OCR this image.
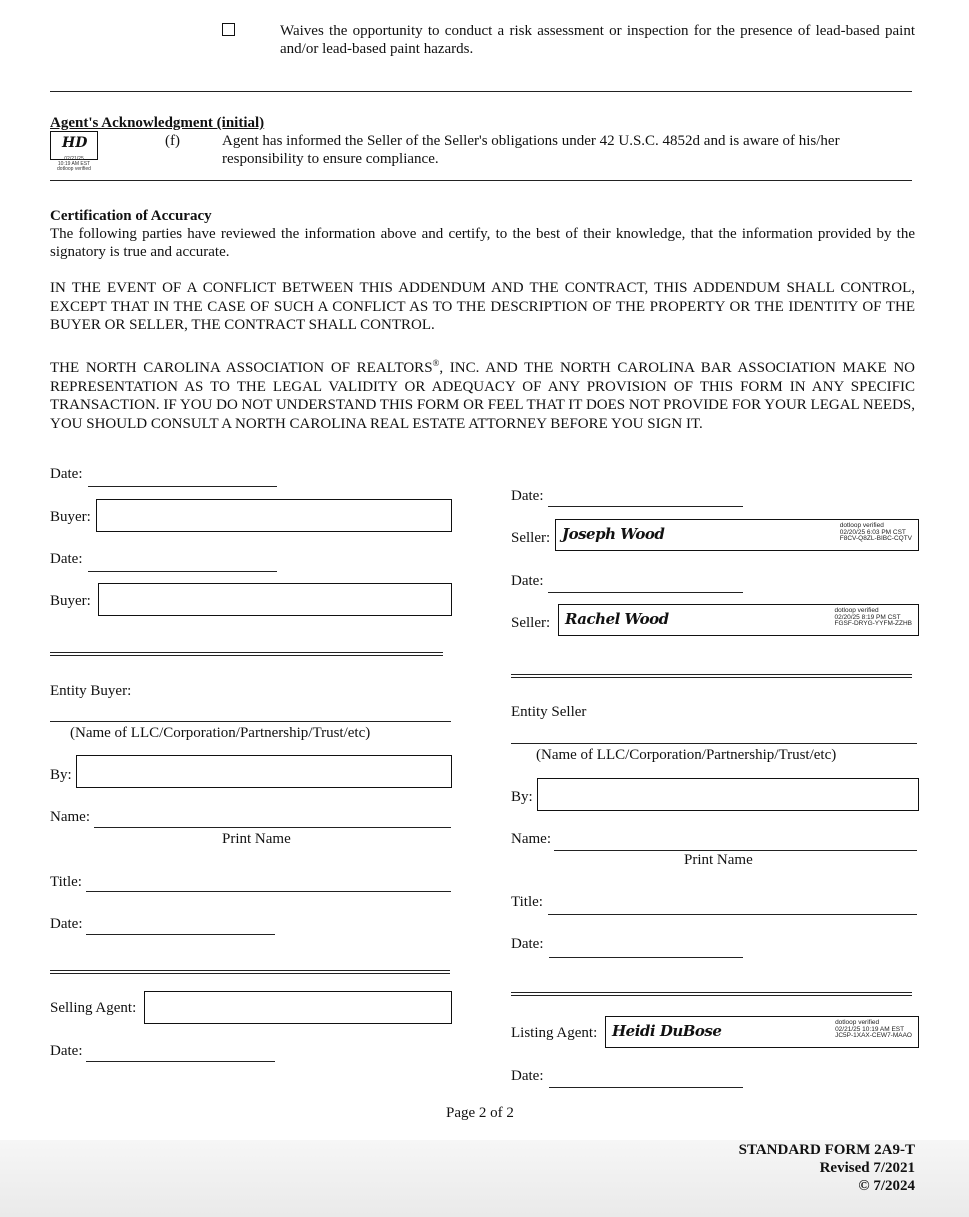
Waives the opportunity to conduct a risk assessment or inspection for the presence of lead-based paint and/or lead-based paint hazards.
Agent's Acknowledgment (initial)
HD
02/21/25
10:19 AM EST
dotloop verified
(f)	Agent has informed the Seller of the Seller's obligations under 42 U.S.C. 4852d and is aware of his/her responsibility to ensure compliance.
Certification of Accuracy
The following parties have reviewed the information above and certify, to the best of their knowledge, that the information provided by the signatory is true and accurate.
IN THE EVENT OF A CONFLICT BETWEEN THIS ADDENDUM AND THE CONTRACT, THIS ADDENDUM SHALL CONTROL, EXCEPT THAT IN THE CASE OF SUCH A CONFLICT AS TO THE DESCRIPTION OF THE PROPERTY OR THE IDENTITY OF THE BUYER OR SELLER, THE CONTRACT SHALL CONTROL.
THE NORTH CAROLINA ASSOCIATION OF REALTORS®, INC. AND THE NORTH CAROLINA BAR ASSOCIATION MAKE NO REPRESENTATION AS TO THE LEGAL VALIDITY OR ADEQUACY OF ANY PROVISION OF THIS FORM IN ANY SPECIFIC TRANSACTION. IF YOU DO NOT UNDERSTAND THIS FORM OR FEEL THAT IT DOES NOT PROVIDE FOR YOUR LEGAL NEEDS, YOU SHOULD CONSULT A NORTH CAROLINA REAL ESTATE ATTORNEY BEFORE YOU SIGN IT.
Date:
Buyer:
Date:
Buyer:
Entity Buyer:
(Name of LLC/Corporation/Partnership/Trust/etc)
By:
Name:
Print Name
Title:
Date:
Selling Agent:
Date:
Date:
Seller: Joseph Wood	dotloop verified
02/20/25 6:03 PM CST
F8CV-Q8ZL-BIBC-CQTV
Date:
Seller: Rachel Wood	dotloop verified
02/20/25 8:19 PM CST
FGSF-DRYG-YYFM-ZZHB
Entity Seller
(Name of LLC/Corporation/Partnership/Trust/etc)
By:
Name:
Print Name
Title:
Date:
Listing Agent: Heidi DuBose	dotloop verified
02/21/25 10:19 AM EST
JC5P-1XAX-CEW7-MAAO
Date:
Page 2 of 2
STANDARD FORM 2A9-T
Revised 7/2021
© 7/2024
